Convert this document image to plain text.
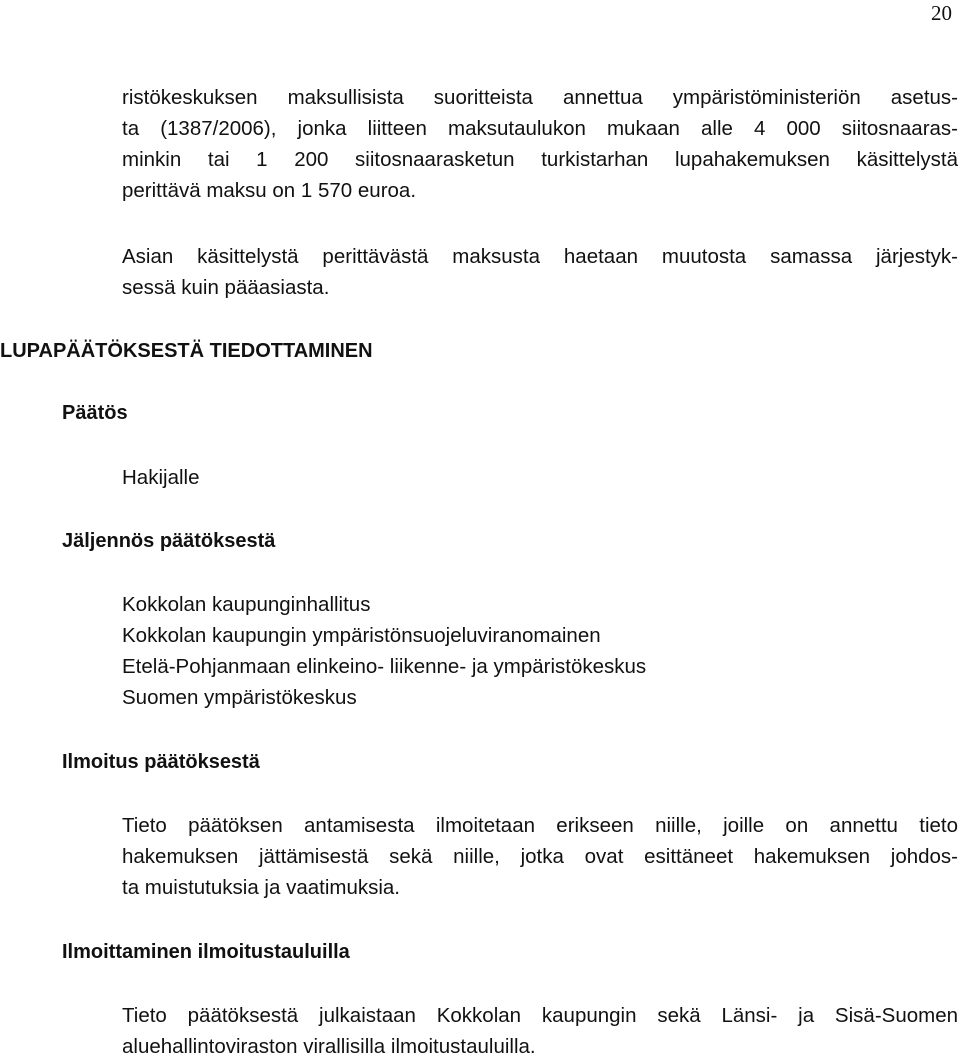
20
ristökeskuksen maksullisista suoritteista annettua ympäristöministeriön asetus-
ta (1387/2006), jonka liitteen maksutaulukon mukaan alle 4 000 siitosnaaras-
minkin tai 1 200 siitosnaarasketun turkistarhan lupahakemuksen käsittelystä
perittävä maksu on 1 570 euroa.
Asian käsittelystä perittävästä maksusta haetaan muutosta samassa järjestyk-
sessä kuin pääasiasta.
LUPAPÄÄTÖKSESTÄ TIEDOTTAMINEN
Päätös
Hakijalle
Jäljennös päätöksestä
Kokkolan kaupunginhallitus
Kokkolan kaupungin ympäristönsuojeluviranomainen
Etelä-Pohjanmaan elinkeino- liikenne- ja ympäristökeskus
Suomen ympäristökeskus
Ilmoitus päätöksestä
Tieto päätöksen antamisesta ilmoitetaan erikseen niille, joille on annettu tieto
hakemuksen jättämisestä sekä niille, jotka ovat esittäneet hakemuksen johdos-
ta muistutuksia ja vaatimuksia.
Ilmoittaminen ilmoitustauluilla
Tieto päätöksestä julkaistaan Kokkolan kaupungin sekä Länsi- ja Sisä-Suomen
aluehallintoviraston virallisilla ilmoitustauluilla.
